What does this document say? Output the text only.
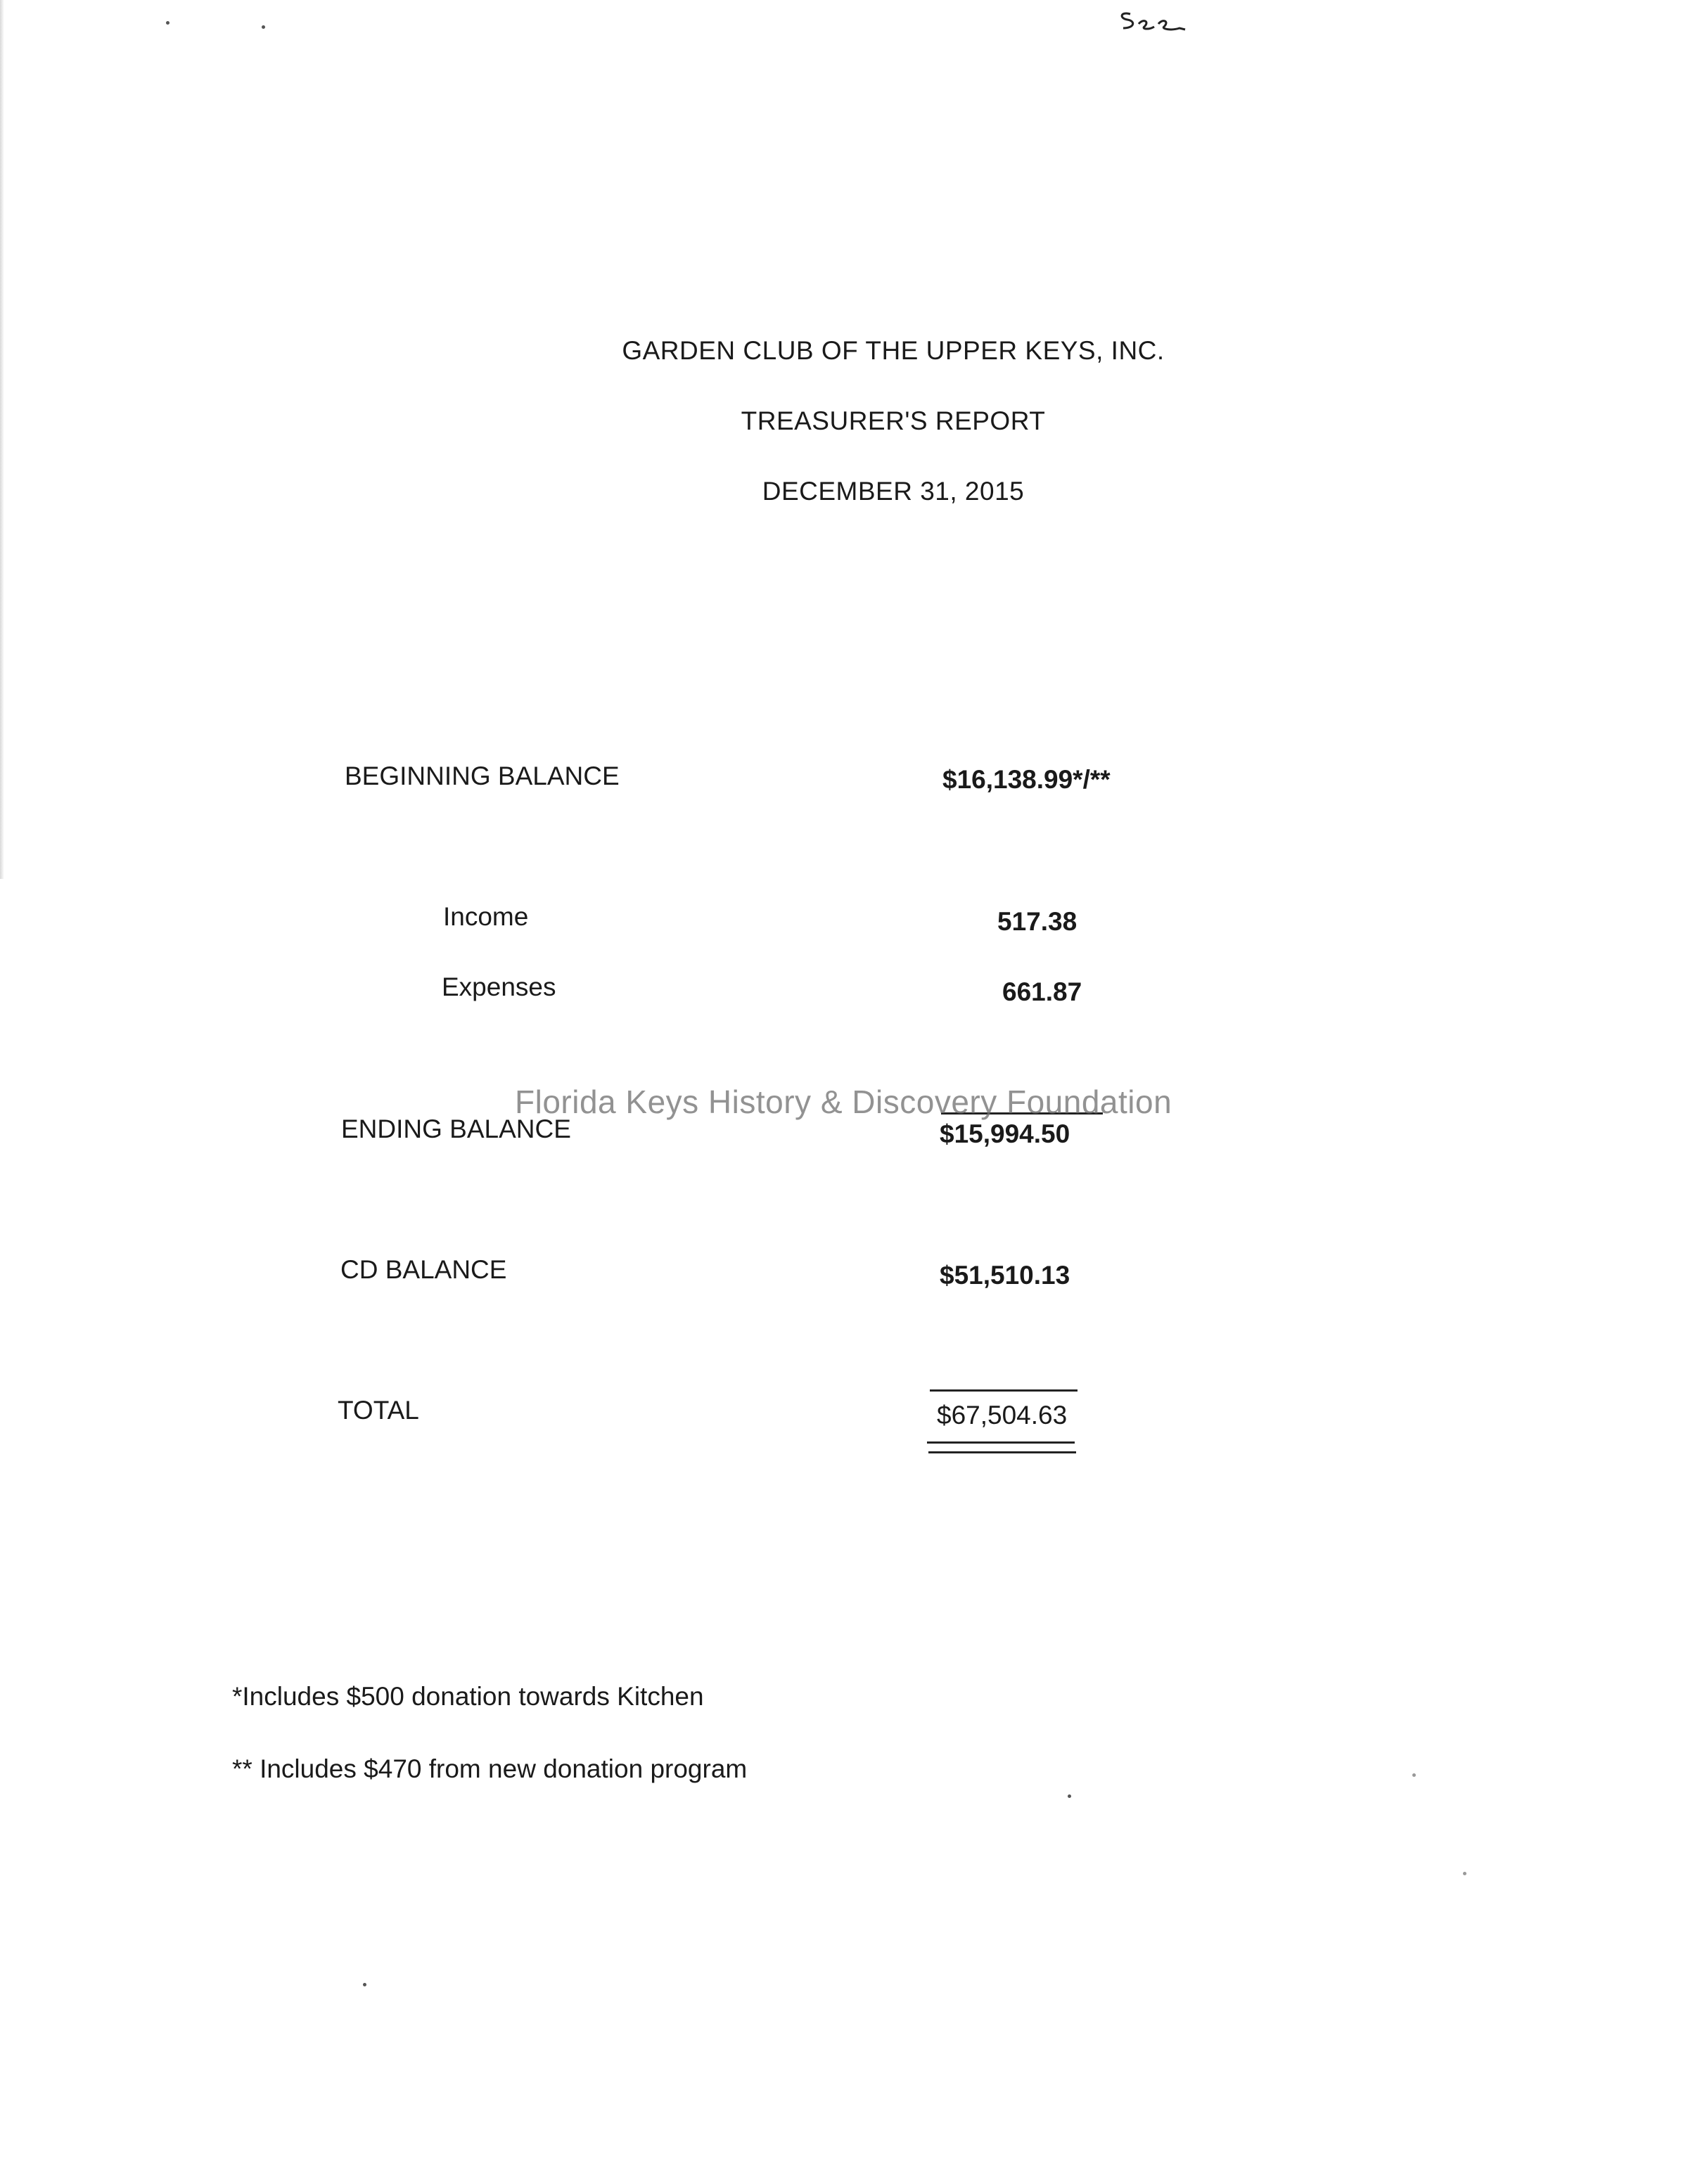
GARDEN CLUB OF THE UPPER KEYS, INC.
TREASURER'S REPORT
DECEMBER 31, 2015
BEGINNING BALANCE	$16,138.99*/**
Income	517.38
Expenses	661.87
ENDING BALANCE	$15,994.50
CD BALANCE	$51,510.13
TOTAL	$67,504.63
Florida Keys History & Discovery Foundation
*Includes $500 donation towards Kitchen
** Includes $470 from new donation program
